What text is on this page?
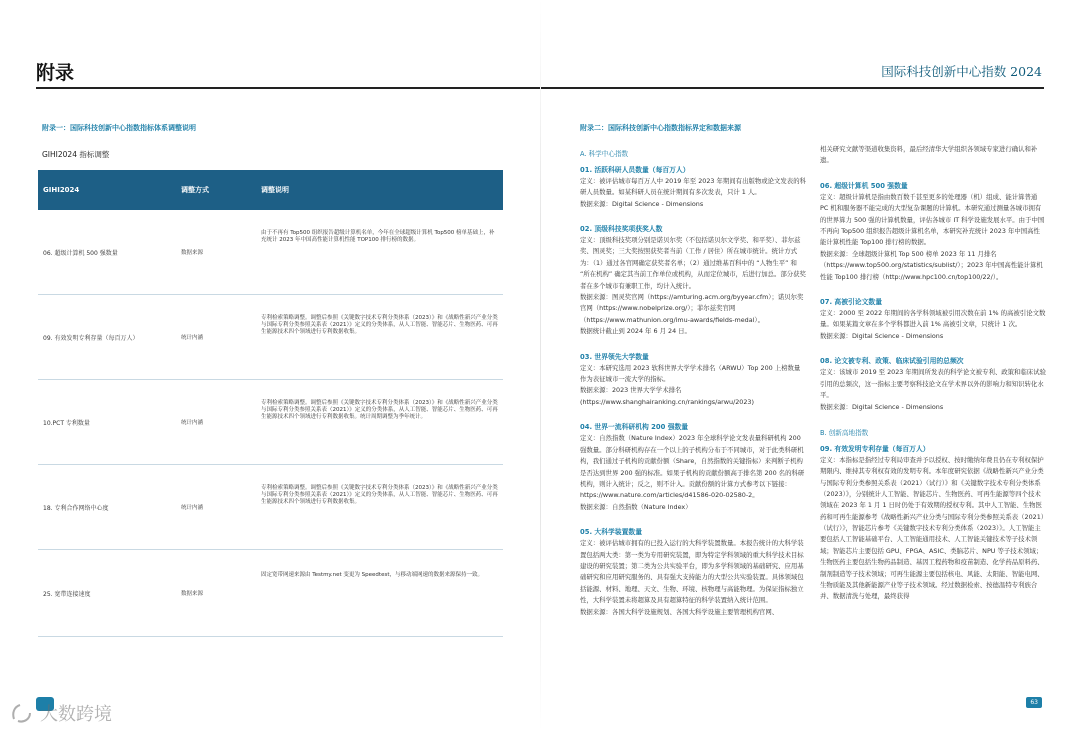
附录	国际科技创新中心指数 2024
附录一：国际科技创新中心指数指标体系调整说明
GIHI2024 指标调整
GIHI2024	调整方式	调整说明
06. 超级计算机 500 强数量	数据来源	由于不再有 Top500 组织报告超级计算机名单，今年在全球超级计算机 Top500 榜单基础上，补充统计 2023 年中国高性能计算机性能 TOP100 排行榜的数据。
09. 有效发明专利存量（每百万人）	统计内涵	专利检索策略调整。调整后参照《关键数字技术专利分类体系（2023）》和《战略性新兴产业分类与国际专利分类参照关系表（2021）》定义的分类体系，从人工智能、智能芯片、生物医药、可再生能源技术四个领域进行专利数据收集。
10.PCT 专利数量	统计内涵	专利检索策略调整。调整后参照《关键数字技术专利分类体系（2023）》和《战略性新兴产业分类与国际专利分类参照关系表（2021）》定义的分类体系，从人工智能、智能芯片、生物医药、可再生能源技术四个领域进行专利数据收集。统计周期调整为季年统计。
18. 专利合作网络中心度	统计内涵	专利检索策略调整。调整后参照《关键数字技术专利分类体系（2023）》和《战略性新兴产业分类与国际专利分类参照关系表（2021）》定义的分类体系，从人工智能、智能芯片、生物医药、可再生能源技术四个领域进行专利数据收集。
25. 宽带连接速度	数据来源	固定宽带网速来源由 Testmy.net 变更为 Speedtest，与移动端网速的数据来源保持一致。
大数跨境
附录二：国际科技创新中心指数指标界定和数据来源

A. 科学中心指数

01. 活跃科研人员数量（每百万人）

定义：被评估城市每百万人中 2019 年至 2023 年期间有出版物或论文发表的科研人员数量。如某科研人员在统计期间有多次发表，只计 1 人。

数据来源：Digital Science - Dimensions

02. 顶级科技奖项获奖人数

定义：顶级科技奖项分别是诺贝尔奖（不包括诺贝尔文学奖、和平奖）、菲尔兹奖、图灵奖；三大奖按照获奖者当前（工作 / 居住）所在城市统计。统计方式为：（1）通过各官网确定获奖者名单；（2）通过维基百科中的 “人物生平” 和 “所在机构” 确定其当前工作单位或机构，从而定位城市，后进行加总。部分获奖者在多个城市有兼职工作，均计入统计。

数据来源：图灵奖官网（https://amturing.acm.org/byyear.cfm）；诺贝尔奖官网（https://www.nobelprize.org/）；菲尔兹奖官网（https://www.mathunion.org/imu-awards/fields-medal）。

数据统计截止到 2024 年 6 月 24 日。

03. 世界领先大学数量

定义：本研究选用 2023 软科世界大学学术排名（ARWU）Top 200 上榜数量作为表征城市一流大学的指标。

数据来源：2023 世界大学学术排名

(https://www.shanghairanking.cn/rankings/arwu/2023)

04. 世界一流科研机构 200 强数量

定义：自然指数（Nature Index）2023 年全球科学论文发表量科研机构 200 强数量。部分科研机构存在一个以上的子机构分布于不同城市，对于此类科研机构，我们通过子机构的贡献份额（Share，自然指数的关键指标）来判断子机构是否达到世界 200 强的标准。如果子机构的贡献份额高于排名第 200 名的科研机构，则计入统计；反之，则不计入。贡献份额的计算方式参考以下链接：https://www.nature.com/articles/d41586-020-02580-2。

数据来源：自然指数（Nature Index）

05. 大科学装置数量

定义：被评估城市拥有的已投入运行的大科学装置数量。本报告统计的大科学装置包括两大类：第一类为专用研究装置，即为特定学科领域的重大科学技术目标建设的研究装置；第二类为公共实验平台，即为多学科领域的基础研究、应用基础研究和应用研究服务的、具有强大支持能力的大型公共实验装置。具体领域包括能源、材料、地理、天文、生物、环境、核物理与高能物理。为保证指标独立性，大科学装置未将超算及具有超算特征的科学装置纳入统计范围。

数据来源：各国大科学设施规划、各国大科学设施主要管理机构官网、

相关研究文献等渠道收集资料，最后经清华大学组织各领域专家进行确认和补遗。

06. 超级计算机 500 强数量

定义：超级计算机是指由数百数千甚至更多的处理器（机）组成、能计算普通 PC 机和服务器不能完成的大型复杂课题的计算机。本研究通过测量各城市拥有的世界算力 500 强的计算机数量，评估各城市 IT 科学设施发展水平。由于中国不再向 Top500 组织报告超级计算机名单，本研究补充统计 2023 年中国高性能计算机性能 Top100 排行榜的数据。

数据来源：全球超级计算机 Top 500 榜单 2023 年 11 月排名（https://www.top500.org/statistics/sublist/）；2023 年中国高性能计算机性能 Top100 排行榜（http://www.hpc100.cn/top100/22/）。

07. 高被引论文数量

定义：2000 至 2022 年期间的各学科领域被引用次数在前 1% 的高被引论文数量。如果某篇文章在多个学科都进入前 1% 高被引文章，只统计 1 次。

数据来源：Digital Science - Dimensions

08. 论文被专利、政策、临床试验引用的总频次

定义：该城市 2019 至 2023 年期间所发表的科学论文被专利、政策和临床试验引用的总频次，这一指标主要考察科技论文在学术界以外的影响力和知识转化水平。

数据来源：Digital Science - Dimensions

B. 创新高地指数

09. 有效发明专利存量（每百万人）

定义：本指标是指经过专利局审查并予以授权、按时缴纳年费且仍在专利权保护期限内、维持其专利权有效的发明专利。本年度研究依据《战略性新兴产业分类与国际专利分类参照关系表（2021）（试行）》和《关键数字技术专利分类体系（2023）》，分别统计人工智能、智能芯片、生物医药、可再生能源等四个技术领域在 2023 年 1 月 1 日时仍处于有效期的授权专利。其中人工智能、生物医药和可再生能源参考《战略性新兴产业分类与国际专利分类参照关系表（2021）（试行）》，智能芯片参考《关键数字技术专利分类体系（2023）》。人工智能主要包括人工智能基础平台、人工智能通用技术、人工智能关键技术等子技术领域；智能芯片主要包括 GPU、FPGA、ASIC、类脑芯片、NPU 等子技术领域；生物医药主要包括生物药品制造、基因工程药物和疫苗制造、化学药品原料药、制剂制造等子技术领域；可再生能源主要包括核电、风能、太阳能、智能电网、生物质能及其他新能源产业等子技术领域。经过数据检索、按德温特专利族合并、数据清洗与处理，最终获得

63
